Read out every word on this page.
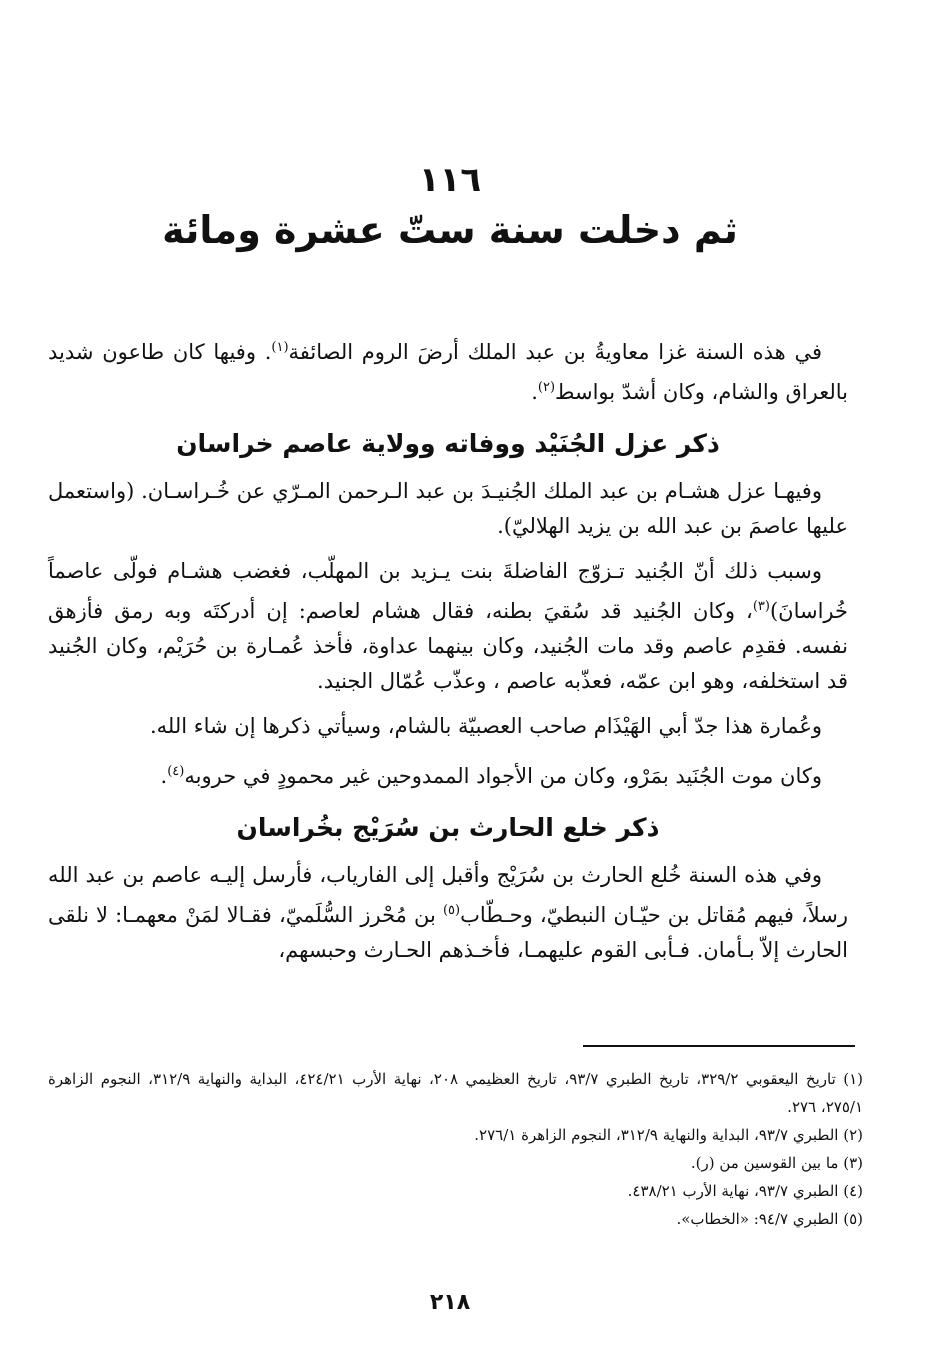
١١٦
ثم دخلت سنة ستّ عشرة ومائة

في هذه السنة غزا معاويةُ بن عبد الملك أرضَ الروم الصائفة$^{(١)}$. وفيها كان طاعون شديد بالعراق والشام، وكان أشدّ بواسط$^{(٢)}$.

ذكر عزل الجُنَيْد ووفاته وولاية عاصم خراسان

وفيهـا عزل هشـام بن عبد الملك الجُنيـدَ بن عبد الـرحمن المـرّي عن خُـراسـان. (واستعمل عليها عاصمَ بن عبد الله بن يزيد الهلاليّ).

وسبب ذلك أنّ الجُنيد تـزوّج الفاضلةَ بنت يـزيد بن المهلّب، فغضب هشـام فولّى عاصماً خُراسانَ)$^{(٣)}$، وكان الجُنيد قد سُقيَ بطنه، فقال هشام لعاصم: إن أدركتَه وبه رمق فأزهق نفسه. فقدِم عاصم وقد مات الجُنيد، وكان بينهما عداوة، فأخذ عُمـارة بن حُرَيْم، وكان الجُنيد قد استخلفه، وهو ابن عمّه، فعذّبه عاصم ، وعذّب عُمّال الجنيد.

وعُمارة هذا جدّ أبي الهَيْذَام صاحب العصبيّة بالشام، وسيأتي ذكرها إن شاء الله.

وكان موت الجُنَيد بمَرْو، وكان من الأجواد الممدوحين غير محمودٍ في حروبه$^{(٤)}$.

ذكر خلع الحارث بن سُرَيْج بخُراسان

وفي هذه السنة خُلع الحارث بن سُرَيْج وأقبل إلى الفارياب، فأرسل إليـه عاصم بن عبد الله رسلاً، فيهم مُقاتل بن حيّـان النبطيّ، وحـطّاب$^{(٥)}$ بن مُحْرز السُّلَميّ، فقـالا لمَنْ معهمـا: لا نلقى الحارث إلاّ بـأمان. فـأبى القوم عليهمـا، فأخـذهم الحـارث وحبسهم،

(١) تاريخ اليعقوبي ٣٢٩/٢، تاريخ الطبري ٩٣/٧، تاريخ العظيمي ٢٠٨، نهاية الأرب ٤٢٤/٢١، البداية والنهاية ٣١٢/٩، النجوم الزاهرة ٢٧٥/١، ٢٧٦.

(٢) الطبري ٩٣/٧، البداية والنهاية ٣١٢/٩، النجوم الزاهرة ٢٧٦/١.

(٣) ما بين القوسين من (ر).

(٤) الطبري ٩٣/٧، نهاية الأرب ٤٣٨/٢١.

(٥) الطبري ٩٤/٧: «الخطاب».

٢١٨
